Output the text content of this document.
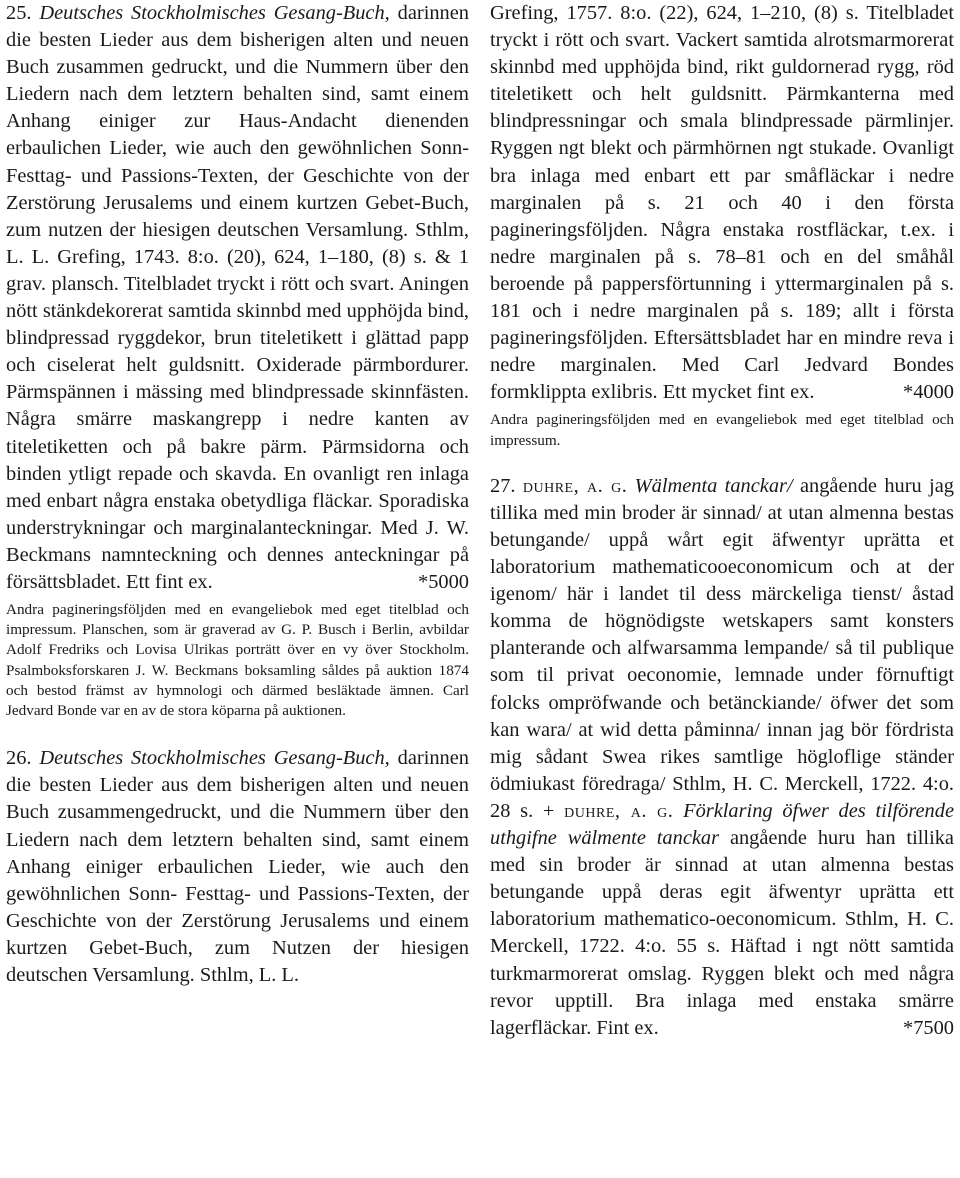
25. Deutsches Stockholmisches Gesang-Buch, darinnen die besten Lieder aus dem bisherigen alten und neuen Buch zusammen gedruckt, und die Nummern über den Liedern nach dem letztern behalten sind, samt einem Anhang einiger zur Haus-Andacht dienenden erbaulichen Lieder, wie auch den gewöhnlichen Sonn-Festtag- und Passions-Texten, der Geschichte von der Zerstörung Jerusalems und einem kurtzen Gebet-Buch, zum nutzen der hiesigen deutschen Versamlung. Sthlm, L. L. Grefing, 1743. 8:o. (20), 624, 1–180, (8) s. & 1 grav. plansch. Titelbladet tryckt i rött och svart. Aningen nött stänkdekorerat samtida skinnbd med upphöjda bind, blindpressad ryggdekor, brun titeletikett i glättad papp och ciselerat helt guldsnitt. Oxiderade pärmbordurer. Pärmspännen i mässing med blindpressade skinnfästen. Några smärre maskangrepp i nedre kanten av titeletiketten och på bakre pärm. Pärmsidorna och binden ytligt repade och skavda. En ovanligt ren inlaga med enbart några enstaka obetydliga fläckar. Sporadiska understrykningar och marginalanteckningar. Med J. W. Beckmans namnteckning och dennes anteckningar på försättsbladet. Ett fint ex.	*5000

Andra pagineringsföljden med en evangeliebok med eget titelblad och impressum. Planschen, som är graverad av G. P. Busch i Berlin, avbildar Adolf Fredriks och Lovisa Ulrikas porträtt över en vy över Stockholm. Psalmboksforskaren J. W. Beckmans boksamling såldes på auktion 1874 och bestod främst av hymnologi och därmed besläktade ämnen. Carl Jedvard Bonde var en av de stora köparna på auktionen.

26. Deutsches Stockholmisches Gesang-Buch, darinnen die besten Lieder aus dem bisherigen alten und neuen Buch zusammengedruckt, und die Nummern über den Liedern nach dem letztern behalten sind, samt einem Anhang einiger erbaulichen Lieder, wie auch den gewöhnlichen Sonn- Festtag- und Passions-Texten, der Geschichte von der Zerstörung Jerusalems und einem kurtzen Gebet-Buch, zum Nutzen der hiesigen deutschen Versamlung. Sthlm, L. L.

Grefing, 1757. 8:o. (22), 624, 1–210, (8) s. Titelbladet tryckt i rött och svart. Vackert samtida alrotsmarmorerat skinnbd med upphöjda bind, rikt guldornerad rygg, röd titeletikett och helt guldsnitt. Pärmkanterna med blindpressningar och smala blindpressade pärmlinjer. Ryggen ngt blekt och pärmhörnen ngt stukade. Ovanligt bra inlaga med enbart ett par småfläckar i nedre marginalen på s. 21 och 40 i den första pagineringsföljden. Några enstaka rostfläckar, t.ex. i nedre marginalen på s. 78–81 och en del småhål beroende på pappersförtunning i yttermarginalen på s. 181 och i nedre marginalen på s. 189; allt i första pagineringsföljden. Eftersättsbladet har en mindre reva i nedre marginalen. Med Carl Jedvard Bondes formklippta exlibris. Ett mycket fint ex.	*4000

Andra pagineringsföljden med en evangeliebok med eget titelblad och impressum.

27. duhre, a. g. Wälmenta tanckar/ angående huru jag tillika med min broder är sinnad/ at utan almenna bestas betungande/ uppå wårt egit äfwentyr uprätta et laboratorium mathematicooeconomicum och at der igenom/ här i landet til dess märckeliga tienst/ åstad komma de högnödigste wetskapers samt konsters planterande och alfwarsamma lempande/ så til publique som til privat oeconomie, lemnade under förnuftigt folcks ompröfwande och betänckiande/ öfwer det som kan wara/ at wid detta påminna/ innan jag bör fördrista mig sådant Swea rikes samtlige högloflige ständer ödmiukast föredraga/ Sthlm, H. C. Merckell, 1722. 4:o. 28 s. + duhre, a. g. Förklaring öfwer des tilförende uthgifne wälmente tanckar angående huru han tillika med sin broder är sinnad at utan almenna bestas betungande uppå deras egit äfwentyr uprätta ett laboratorium mathematico-oeconomicum. Sthlm, H. C. Merckell, 1722. 4:o. 55 s. Häftad i ngt nött samtida turkmarmorerat omslag. Ryggen blekt och med några revor upptill. Bra inlaga med enstaka smärre lagerfläckar. Fint ex.	*7500
